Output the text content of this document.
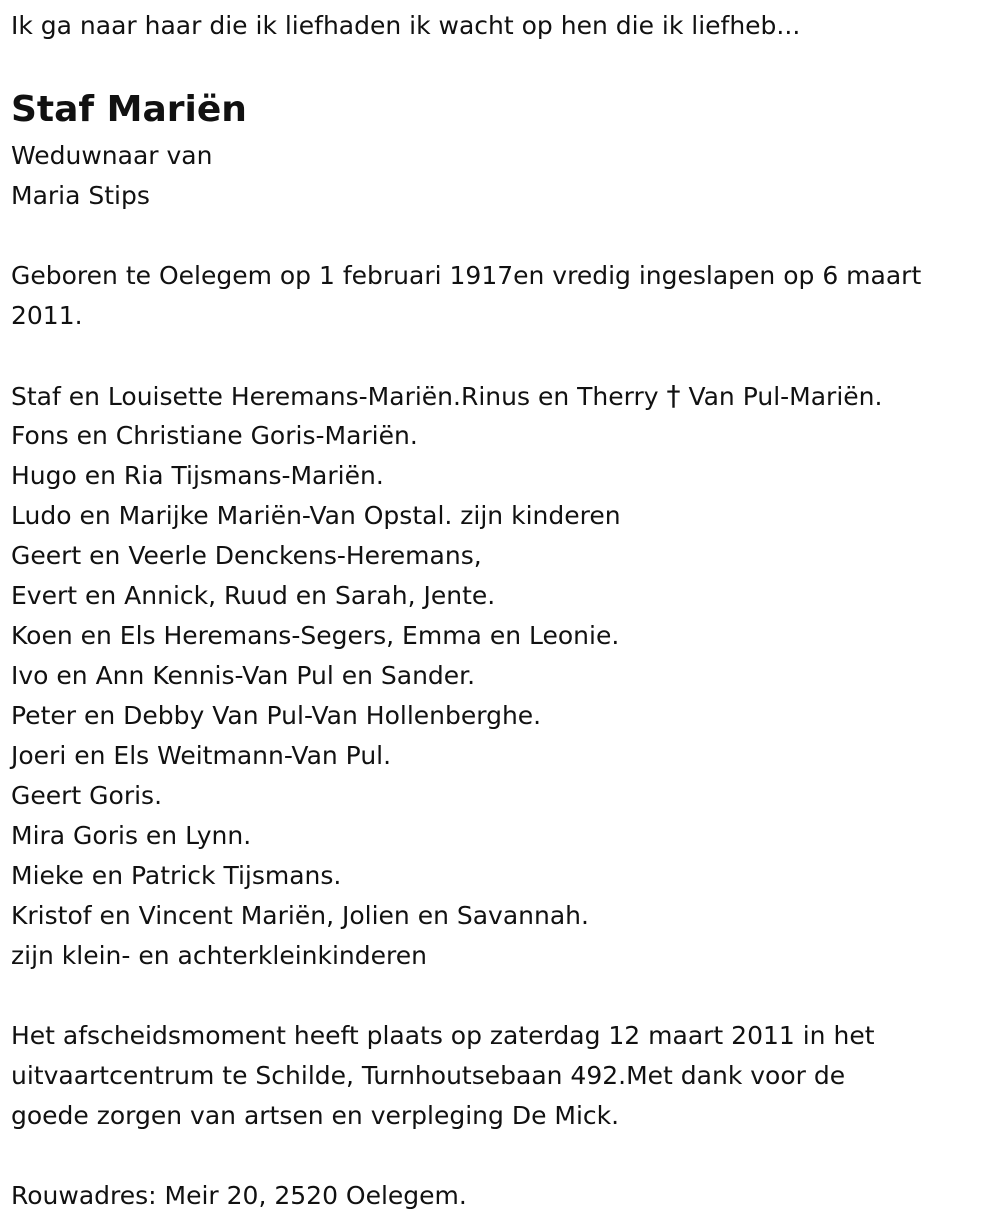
Ik ga naar haar die ik liefhaden ik wacht op hen die ik liefheb...
Staf Mariën
Weduwnaar van
Maria Stips
Geboren te Oelegem op 1 februari 1917en vredig ingeslapen op 6 maart
2011.
Staf en Louisette Heremans-Mariën.Rinus en Therry † Van Pul-Mariën.
Fons en Christiane Goris-Mariën.
Hugo en Ria Tijsmans-Mariën.
Ludo en Marijke Mariën-Van Opstal. zijn kinderen
Geert en Veerle Denckens-Heremans,
Evert en Annick, Ruud en Sarah, Jente.
Koen en Els Heremans-Segers, Emma en Leonie.
Ivo en Ann Kennis-Van Pul en Sander.
Peter en Debby Van Pul-Van Hollenberghe.
Joeri en Els Weitmann-Van Pul.
Geert Goris.
Mira Goris en Lynn.
Mieke en Patrick Tijsmans.
Kristof en Vincent Mariën, Jolien en Savannah.
zijn klein- en achterkleinkinderen
Het afscheidsmoment heeft plaats op zaterdag 12 maart 2011 in het
uitvaartcentrum te Schilde, Turnhoutsebaan 492.Met dank voor de
goede zorgen van artsen en verpleging De Mick.
Rouwadres: Meir 20, 2520 Oelegem.
